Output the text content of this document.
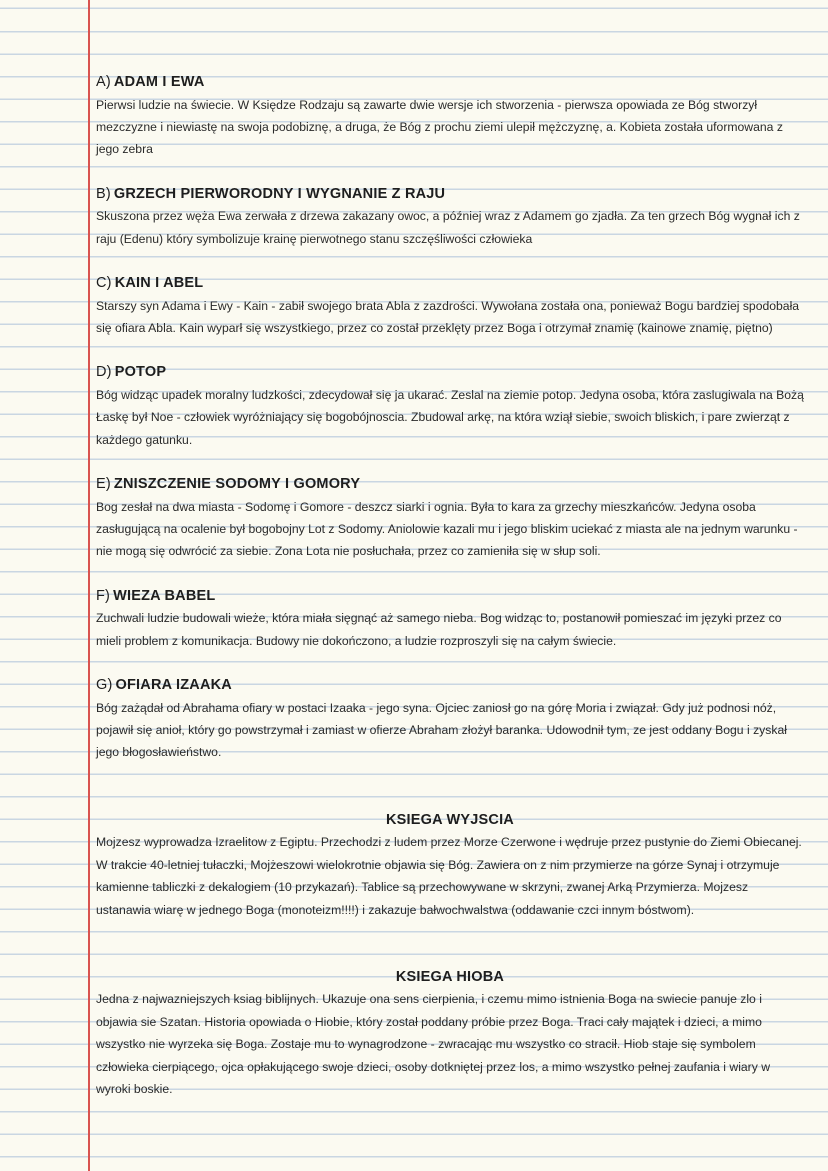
A) ADAM I EWA

Pierwsi ludzie na świecie. W Księdze Rodzaju są zawarte dwie wersje ich stworzenia - pierwsza opowiada ze Bóg stworzył mezczyzne i niewiastę na swoja podobiznę, a druga, że Bóg z prochu ziemi ulepił mężczyznę, a. Kobieta została uformowana z jego zebra

B) GRZECH PIERWORODNY I WYGNANIE Z RAJU

Skuszona przez węża Ewa zerwała z drzewa zakazany owoc, a później wraz z Adamem go zjadła. Za ten grzech Bóg wygnał ich z raju (Edenu) który symbolizuje krainę pierwotnego stanu szczęśliwości człowieka

C) KAIN I ABEL

Starszy syn Adama i Ewy - Kain - zabił swojego brata Abla z zazdrości. Wywołana została ona, ponieważ Bogu bardziej spodobała się ofiara Abla. Kain wyparł się wszystkiego, przez co został przeklęty przez Boga i otrzymał znamię (kainowe znamię, piętno)

D) POTOP

Bóg widząc upadek moralny ludzkości, zdecydował się ja ukarać. Zeslal na ziemie potop. Jedyna osoba, która zaslugiwala na Bożą Łaskę był Noe - człowiek wyróżniający się bogobójnoscia. Zbudowal arkę, na która wziął siebie, swoich bliskich, i pare zwierząt z każdego gatunku.

E) ZNISZCZENIE SODOMY I GOMORY

Bog zesłał na dwa miasta - Sodomę i Gomore - deszcz siarki i ognia. Była to kara za grzechy mieszkańców. Jedyna osoba zasługującą na ocalenie był bogobojny Lot z Sodomy. Aniolowie kazali mu i jego bliskim uciekać z miasta ale na jednym warunku - nie mogą się odwrócić za siebie. Zona Lota nie posłuchała, przez co zamieniła się w słup soli.

F) WIEZA BABEL

Zuchwali ludzie budowali wieże, która miała sięgnąć aż samego nieba. Bog widząc to, postanowił pomieszać im języki przez co mieli problem z komunikacja. Budowy nie dokończono, a ludzie rozproszyli się na całym świecie.

G) OFIARA IZAAKA

Bóg zażądał od Abrahama ofiary w postaci Izaaka - jego syna. Ojciec zaniosł go na górę Moria i związał. Gdy już podnosi nóż, pojawił się anioł, który go powstrzymał i zamiast w ofierze Abraham złożył baranka. Udowodnił tym, ze jest oddany Bogu i zyskał jego błogosławieństwo.

KSIEGA WYJSCIA

Mojzesz wyprowadza Izraelitow z Egiptu. Przechodzi z ludem przez Morze Czerwone i wędruje przez pustynie do Ziemi Obiecanej. W trakcie 40-letniej tułaczki, Mojżeszowi wielokrotnie objawia się Bóg. Zawiera on z nim przymierze na górze Synaj i otrzymuje kamienne tabliczki z dekalogiem (10 przykazań). Tablice są przechowywane w skrzyni, zwanej Arką Przymierza. Mojzesz ustanawia wiarę w jednego Boga (monoteizm!!!!) i zakazuje bałwochwalstwa (oddawanie czci innym bóstwom).

KSIEGA HIOBA

Jedna z najwazniejszych ksiag biblijnych. Ukazuje ona sens cierpienia, i czemu mimo istnienia Boga na swiecie panuje zlo i objawia sie Szatan. Historia opowiada o Hiobie, który został poddany próbie przez Boga. Traci cały majątek i dzieci, a mimo wszystko nie wyrzeka się Boga. Zostaje mu to wynagrodzone - zwracając mu wszystko co stracił. Hiob staje się symbolem człowieka cierpiącego, ojca opłakującego swoje dzieci, osoby dotkniętej przez los, a mimo wszystko pełnej zaufania i wiary w wyroki boskie.
